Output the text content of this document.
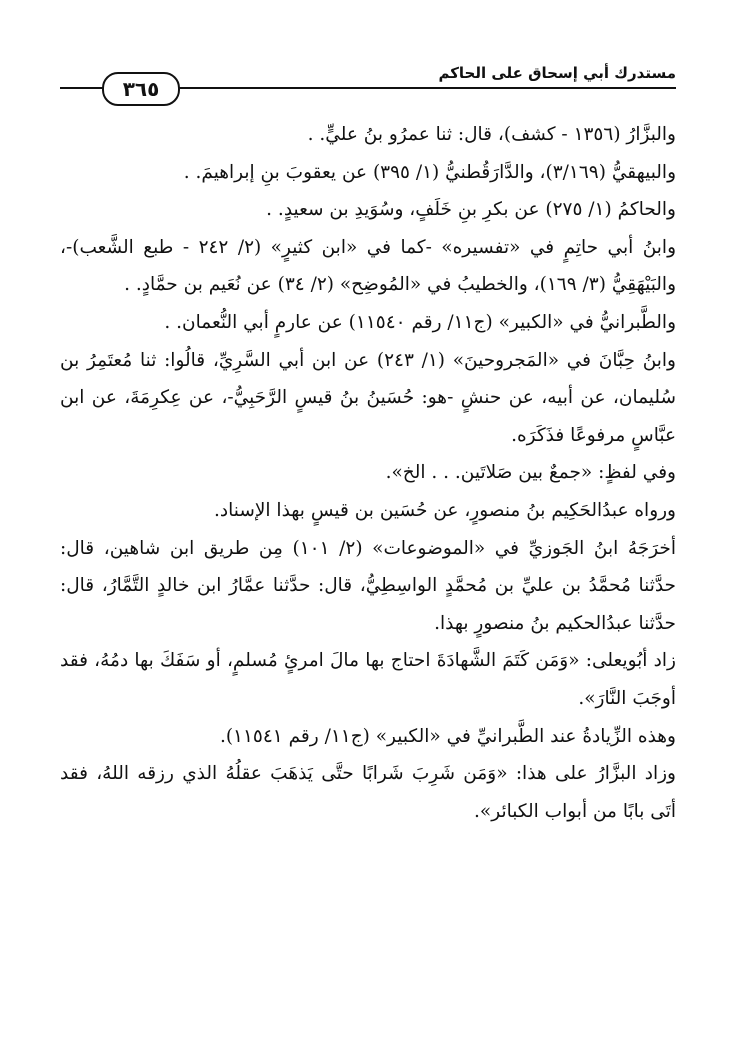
٣٦٥
مستدرك أبي إسحاق على الحاكم

والبزَّارُ (١٣٥٦ - كشف)، قال: ثنا عمرُو بنُ عليٍّ. .

والبيهقيُّ (٣/١٦٩)، والدَّارَقُطنيُّ (١/ ٣٩٥) عن يعقوبَ بنِ إبراهيمَ. .

والحاكمُ (١/ ٢٧٥) عن بكرِ بنِ خَلَفٍ، وسُوَيدِ بن سعيدٍ. .

وابنُ أبي حاتِمٍ في «تفسيره» -كما في «ابن كثيرٍ» (٢/ ٢٤٢ - طبع الشَّعب)-، والبَيْهَقِيُّ (٣/ ١٦٩)، والخطيبُ في «المُوضِح» (٢/ ٣٤) عن نُعَيم بن حمَّادٍ. .

والطَّبرانيُّ في «الكبير» (ج١١/ رقم ١١٥٤٠) عن عارمٍ أبي النُّعمان. .

وابنُ حِبَّانَ في «المَجروحينَ» (١/ ٢٤٣) عن ابن أبي السَّرِيِّ، قالُوا: ثنا مُعتَمِرُ بن سُليمان، عن أبيه، عن حنشٍ -هو: حُسَينُ بنُ قيسٍ الرَّحَبِيُّ-، عن عِكرِمَةَ، عن ابن عبَّاسٍ مرفوعًا فذَكَرَه.

وفي لفظٍ: «جمعٌ بين صَلاتَين. . . الخ».

ورواه عبدُالحَكِيم بنُ منصورٍ، عن حُسَين بن قيسٍ بهذا الإسناد.

أخرَجَهُ ابنُ الجَوزيِّ في «الموضوعات» (٢/ ١٠١) مِن طريق ابن شاهين، قال: حدَّثنا مُحمَّدُ بن عليِّ بن مُحمَّدٍ الواسِطِيُّ، قال: حدَّثنا عمَّارُ ابن خالدٍ التَّمَّارُ، قال: حدَّثنا عبدُالحكيم بنُ منصورٍ بهذا.

زاد أبُويعلى: «وَمَن كَتَمَ الشَّهادَةَ احتاج بها مالَ امرئٍ مُسلمٍ، أو سَفَكَ بها دمُهُ، فقد أوجَبَ النَّارَ».

وهذه الزِّيادةُ عند الطَّبرانيِّ في «الكبير» (ج١١/ رقم ١١٥٤١).

وزاد البزَّارُ على هذا: «وَمَن شَرِبَ شَرابًا حتَّى يَذهَبَ عقلُهُ الذي رزقه اللهُ، فقد أتَى بابًا من أبواب الكبائر».
